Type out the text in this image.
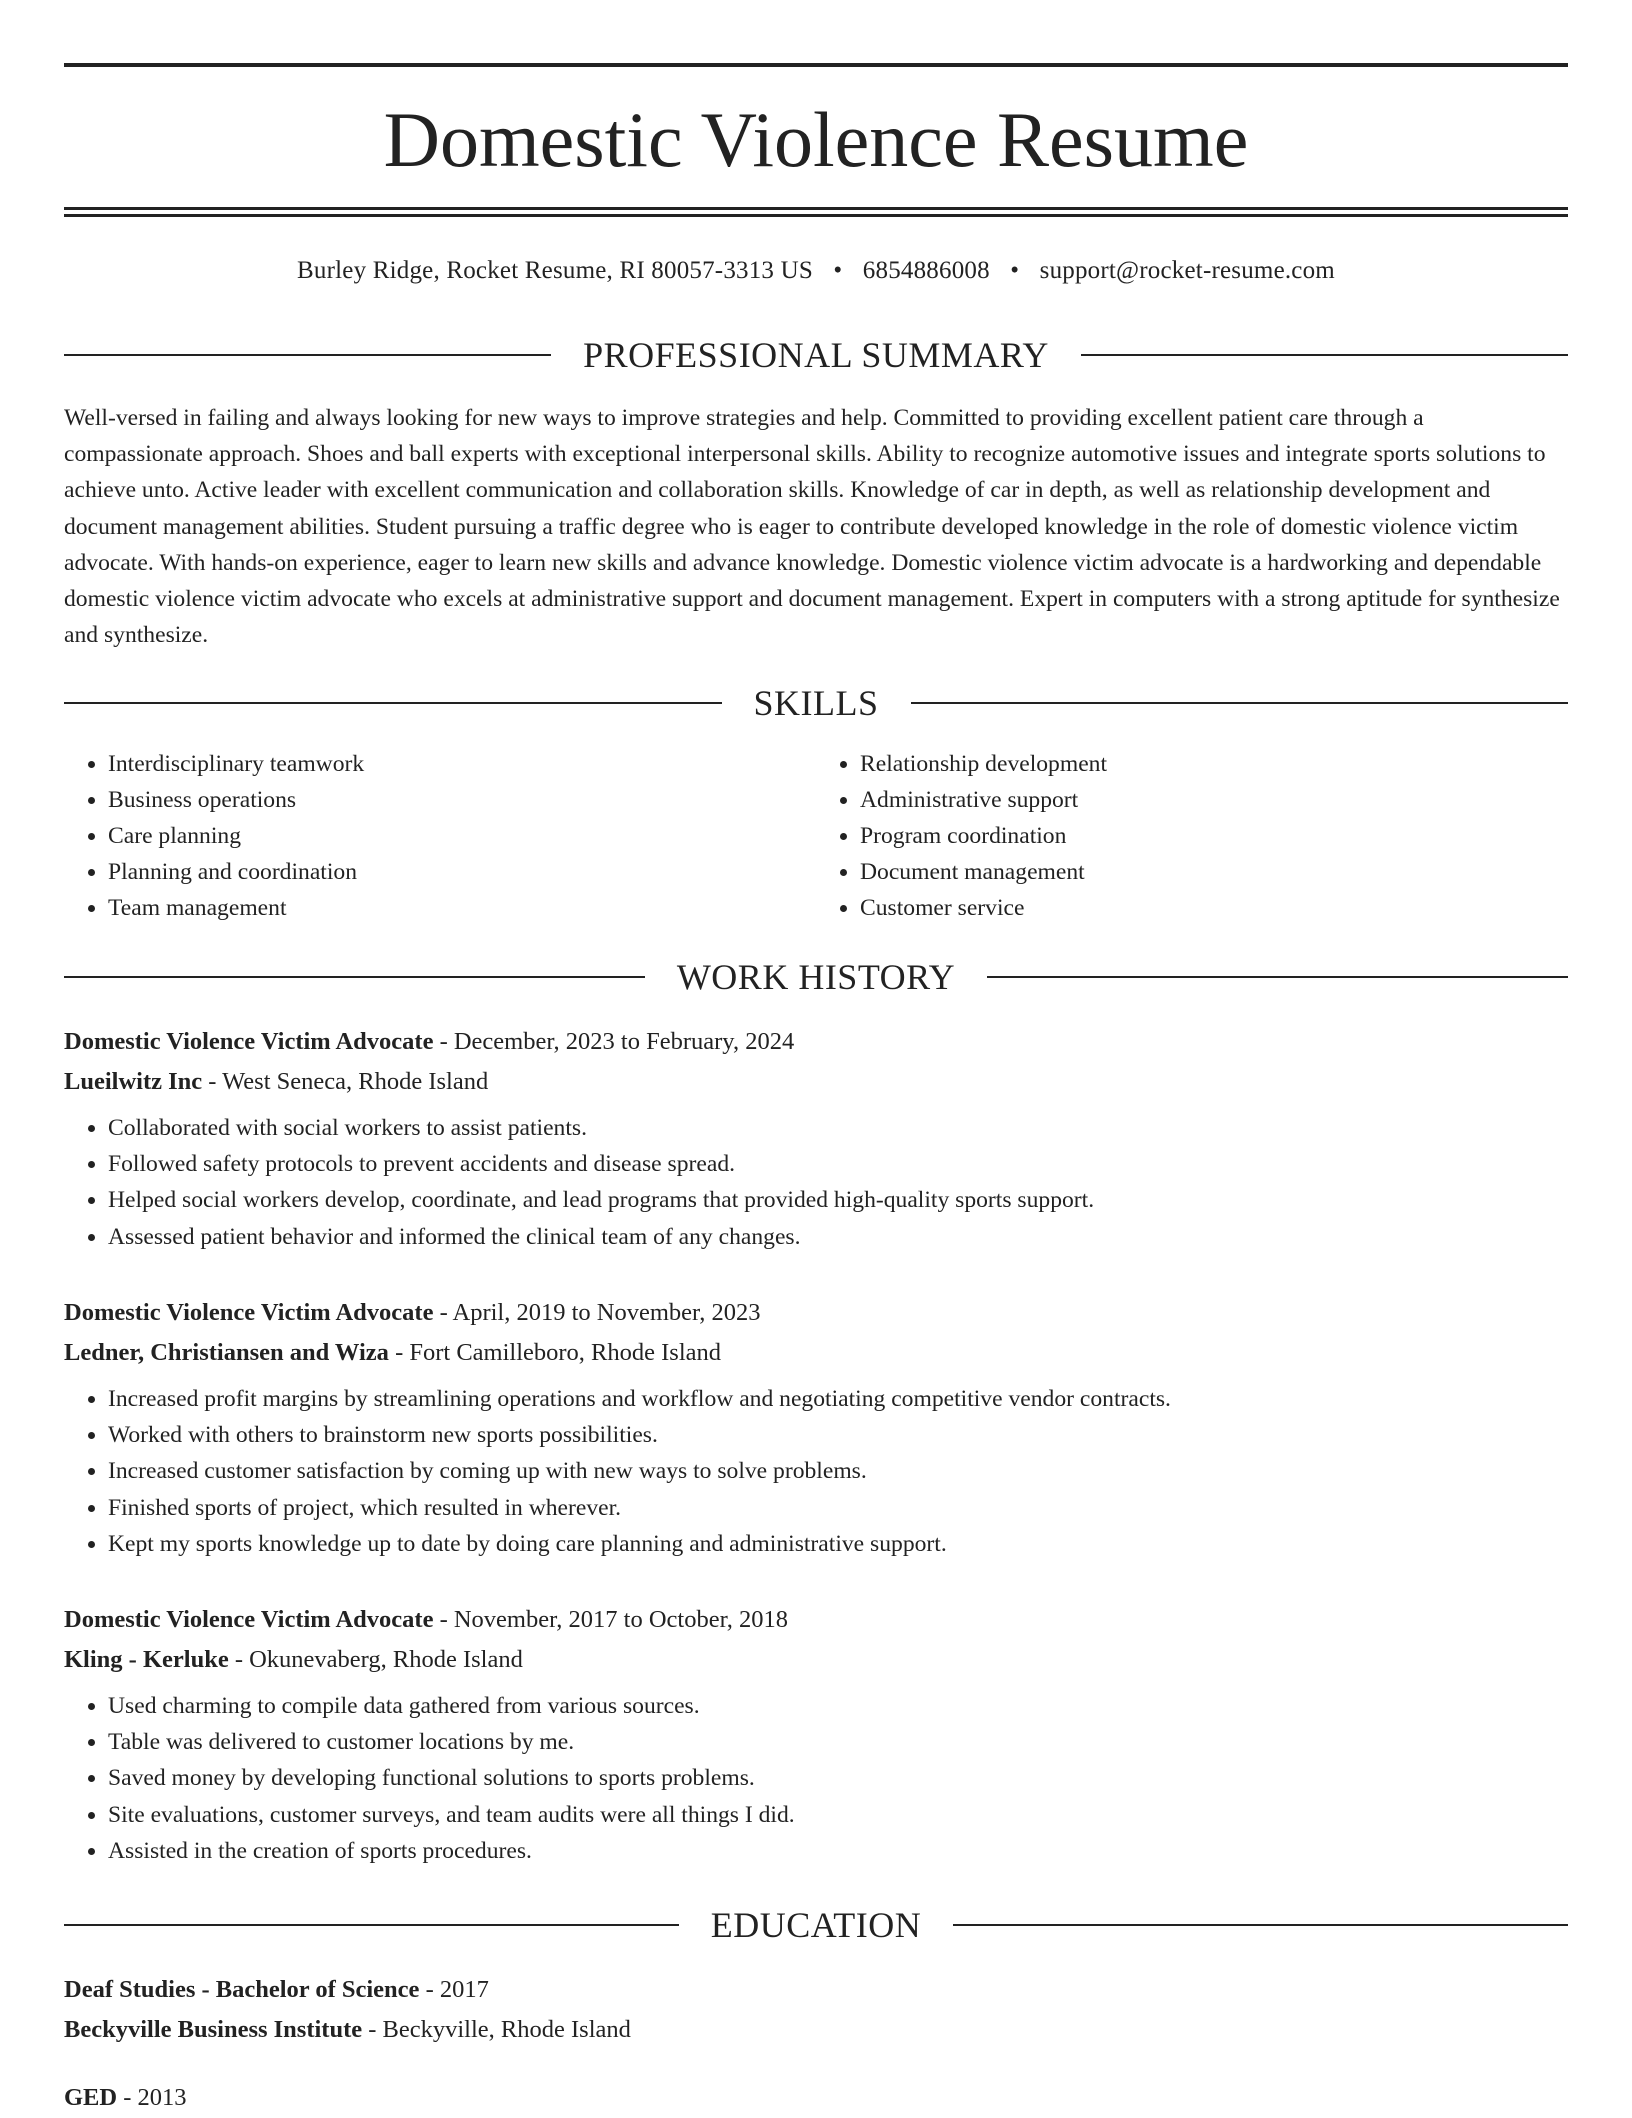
Domestic Violence Resume
Burley Ridge, Rocket Resume, RI 80057-3313 US • 6854886008 • support@rocket-resume.com
PROFESSIONAL SUMMARY

Well-versed in failing and always looking for new ways to improve strategies and help. Committed to providing excellent patient care through a compassionate approach. Shoes and ball experts with exceptional interpersonal skills. Ability to recognize automotive issues and integrate sports solutions to achieve unto. Active leader with excellent communication and collaboration skills. Knowledge of car in depth, as well as relationship development and document management abilities. Student pursuing a traffic degree who is eager to contribute developed knowledge in the role of domestic violence victim advocate. With hands-on experience, eager to learn new skills and advance knowledge. Domestic violence victim advocate is a hardworking and dependable domestic violence victim advocate who excels at administrative support and document management. Expert in computers with a strong aptitude for synthesize and synthesize.

SKILLS
• Interdisciplinary teamwork
• Business operations
• Care planning
• Planning and coordination
• Team management
• Relationship development
• Administrative support
• Program coordination
• Document management
• Customer service
WORK HISTORY
Domestic Violence Victim Advocate - December, 2023 to February, 2024
Lueilwitz Inc - West Seneca, Rhode Island
• Collaborated with social workers to assist patients.
• Followed safety protocols to prevent accidents and disease spread.
• Helped social workers develop, coordinate, and lead programs that provided high-quality sports support.
• Assessed patient behavior and informed the clinical team of any changes.
Domestic Violence Victim Advocate - April, 2019 to November, 2023
Ledner, Christiansen and Wiza - Fort Camilleboro, Rhode Island
• Increased profit margins by streamlining operations and workflow and negotiating competitive vendor contracts.
• Worked with others to brainstorm new sports possibilities.
• Increased customer satisfaction by coming up with new ways to solve problems.
• Finished sports of project, which resulted in wherever.
• Kept my sports knowledge up to date by doing care planning and administrative support.
Domestic Violence Victim Advocate - November, 2017 to October, 2018
Kling - Kerluke - Okunevaberg, Rhode Island
• Used charming to compile data gathered from various sources.
• Table was delivered to customer locations by me.
• Saved money by developing functional solutions to sports problems.
• Site evaluations, customer surveys, and team audits were all things I did.
• Assisted in the creation of sports procedures.
EDUCATION
Deaf Studies - Bachelor of Science - 2017
Beckyville Business Institute - Beckyville, Rhode Island
GED - 2013
